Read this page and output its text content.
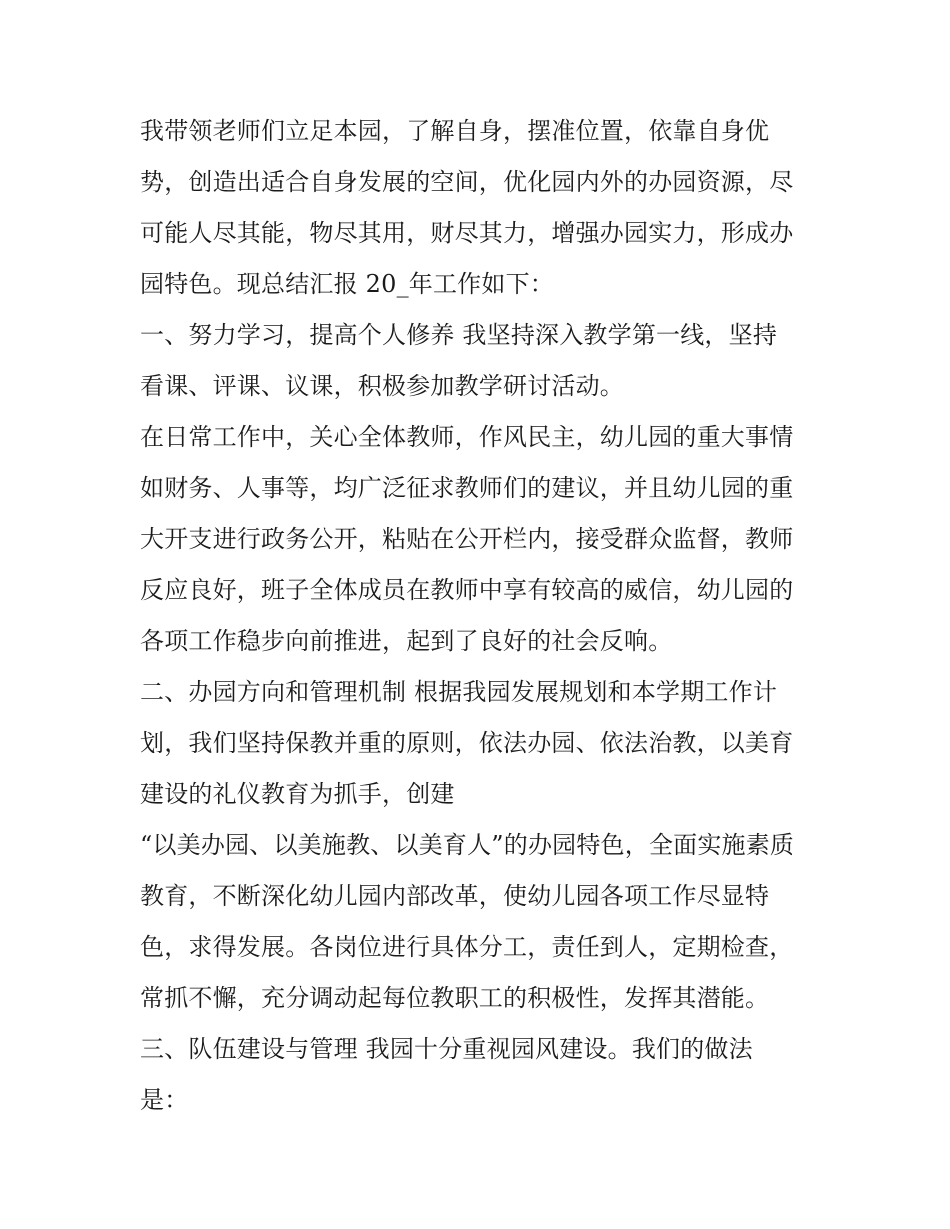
我带领老师们立足本园，了解自身，摆准位置，依靠自身优
势，创造出适合自身发展的空间，优化园内外的办园资源，尽
可能人尽其能，物尽其用，财尽其力，增强办园实力，形成办
园特色。现总结汇报 20_年工作如下：
一、努力学习，提高个人修养 我坚持深入教学第一线，坚持
看课、评课、议课，积极参加教学研讨活动。
在日常工作中，关心全体教师，作风民主，幼儿园的重大事情
如财务、人事等，均广泛征求教师们的建议，并且幼儿园的重
大开支进行政务公开，粘贴在公开栏内，接受群众监督，教师
反应良好，班子全体成员在教师中享有较高的威信，幼儿园的
各项工作稳步向前推进，起到了良好的社会反响。
二、办园方向和管理机制 根据我园发展规划和本学期工作计
划，我们坚持保教并重的原则，依法办园、依法治教，以美育
建设的礼仪教育为抓手，创建
“以美办园、以美施教、以美育人”的办园特色，全面实施素质
教育，不断深化幼儿园内部改革，使幼儿园各项工作尽显特
色，求得发展。各岗位进行具体分工，责任到人，定期检查，
常抓不懈，充分调动起每位教职工的积极性，发挥其潜能。
三、队伍建设与管理 我园十分重视园风建设。我们的做法
是：
